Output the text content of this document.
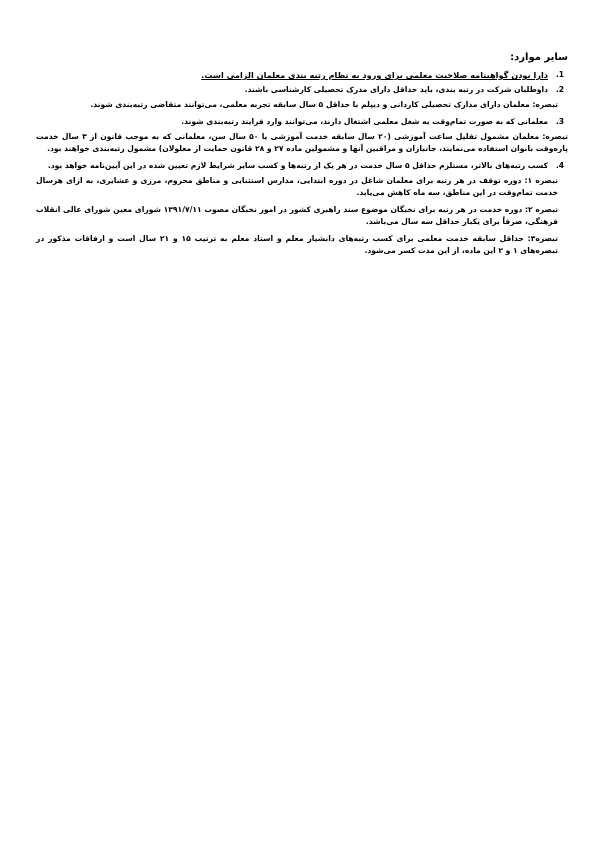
سایر موارد:
1.
دارا بودن گواهینامه صلاحیت معلمی برای ورود به نظام رتبه بندی معلمان الزامی است.
2.
داوطلبان شرکت در رتبه بندی، باید حداقل دارای مدرک تحصیلی کارشناسی باشند.
تبصره: معلمان دارای مدارک تحصیلی کاردانی و دیپلم با حداقل ۵ سال سابقه تجربه معلمی، می‌توانند متقاضی رتبه‌بندی شوند.
3.
معلمانی که به صورت تمام‌وقت به شغل معلمی اشتغال دارند، می‌توانند وارد فرایند رتبه‌بندی شوند.
تبصره: معلمان مشمول تقلیل ساعت آموزشی (۲۰ سال سابقه خدمت آموزشی یا ۵۰ سال سن، معلمانی که به موجب قانون از ۳ سال خدمت پاره‌وقت بانوان استفاده می‌نمایند، جانبازان و مراقبین آنها و مشمولین ماده ۲۷ و ۲۸ قانون حمایت از معلولان) مشمول رتبه‌بندی خواهند بود.
4.
کسب رتبه‌های بالاتر، مستلزم حداقل ۵ سال خدمت در هر یک از رتبه‌ها و کسب سایر شرایط لازم تعیین شده در این آیین‌نامه خواهد بود.
تبصره ۱: دوره توقف در هر رتبه برای معلمان شاغل در دوره ابتدایی، مدارس استثنایی و مناطق محروم، مرزی و عشایری، به ازای هرسال خدمت تمام‌وقت در این مناطق، سه ماه کاهش می‌یابد.
تبصره ۲: دوره خدمت در هر رتبه برای نخبگان موضوع سند راهبری کشور در امور نخبگان مصوب ۱۳۹۱/۷/۱۱ شورای معین شورای عالی انقلاب فرهنگی، صرفاً برای یکبار حداقل سه سال می‌باشد.
تبصره۳: حداقل سابقه خدمت معلمی برای کسب رتبه‌های دانشیار معلم و استاد معلم به ترتیب ۱۵ و ۲۱ سال است و ارفاقات مذکور در تبصره‌های ۱ و ۲ این ماده، از این مدت کسر می‌شود.
